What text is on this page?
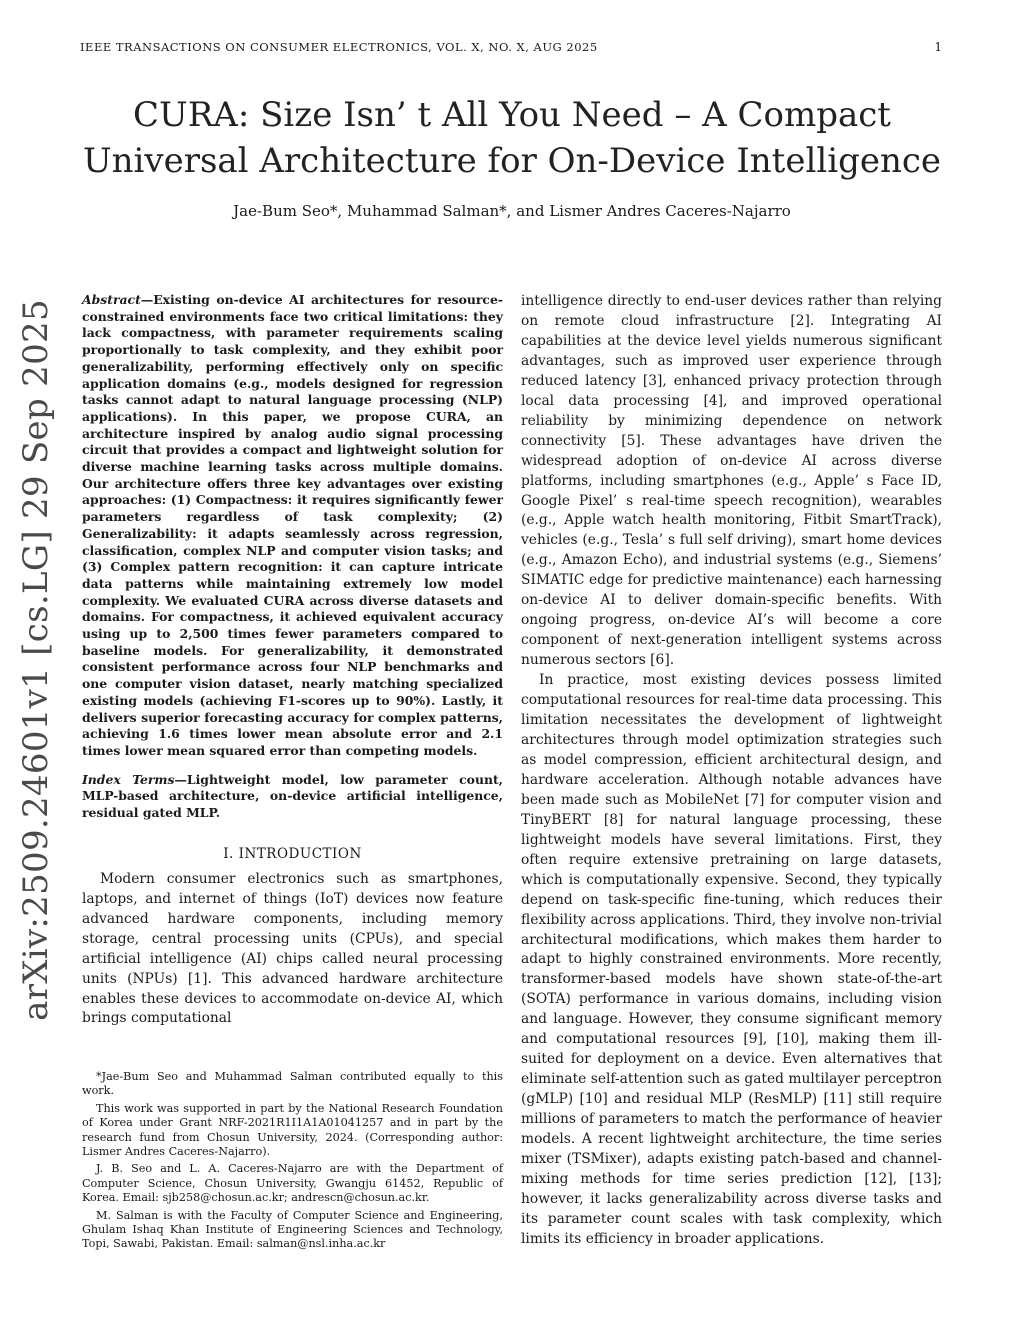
IEEE TRANSACTIONS ON CONSUMER ELECTRONICS, VOL. X, NO. X, AUG 2025	1
arXiv:2509.24601v1 [cs.LG] 29 Sep 2025
CURA: Size Isn’ t All You Need – A Compact
Universal Architecture for On-Device Intelligence
Jae-Bum Seo*, Muhammad Salman*, and Lismer Andres Caceres-Najarro

Abstract—Existing on-device AI architectures for resource-constrained environments face two critical limitations: they lack compactness, with parameter requirements scaling proportionally to task complexity, and they exhibit poor generalizability, performing effectively only on specific application domains (e.g., models designed for regression tasks cannot adapt to natural language processing (NLP) applications). In this paper, we propose CURA, an architecture inspired by analog audio signal processing circuit that provides a compact and lightweight solution for diverse machine learning tasks across multiple domains. Our architecture offers three key advantages over existing approaches: (1) Compactness: it requires significantly fewer parameters regardless of task complexity; (2) Generalizability: it adapts seamlessly across regression, classification, complex NLP and computer vision tasks; and (3) Complex pattern recognition: it can capture intricate data patterns while maintaining extremely low model complexity. We evaluated CURA across diverse datasets and domains. For compactness, it achieved equivalent accuracy using up to 2,500 times fewer parameters compared to baseline models. For generalizability, it demonstrated consistent performance across four NLP benchmarks and one computer vision dataset, nearly matching specialized existing models (achieving F1-scores up to 90%). Lastly, it delivers superior forecasting accuracy for complex patterns, achieving 1.6 times lower mean absolute error and 2.1 times lower mean squared error than competing models.

Index Terms—Lightweight model, low parameter count, MLP-based architecture, on-device artificial intelligence, residual gated MLP.

I. INTRODUCTION

Modern consumer electronics such as smartphones, laptops, and internet of things (IoT) devices now feature advanced hardware components, including memory storage, central processing units (CPUs), and special artificial intelligence (AI) chips called neural processing units (NPUs) [1]. This advanced hardware architecture enables these devices to accommodate on-device AI, which brings computational

*Jae-Bum Seo and Muhammad Salman contributed equally to this work.

This work was supported in part by the National Research Foundation of Korea under Grant NRF-2021R1I1A1A01041257 and in part by the research fund from Chosun University, 2024. (Corresponding author: Lismer Andres Caceres-Najarro).

J. B. Seo and L. A. Caceres-Najarro are with the Department of Computer Science, Chosun University, Gwangju 61452, Republic of Korea. Email: sjb258@chosun.ac.kr; andrescn@chosun.ac.kr.

M. Salman is with the Faculty of Computer Science and Engineering, Ghulam Ishaq Khan Institute of Engineering Sciences and Technology, Topi, Sawabi, Pakistan. Email: salman@nsl.inha.ac.kr

intelligence directly to end-user devices rather than relying on remote cloud infrastructure [2]. Integrating AI capabilities at the device level yields numerous significant advantages, such as improved user experience through reduced latency [3], enhanced privacy protection through local data processing [4], and improved operational reliability by minimizing dependence on network connectivity [5]. These advantages have driven the widespread adoption of on-device AI across diverse platforms, including smartphones (e.g., Apple’ s Face ID, Google Pixel’ s real-time speech recognition), wearables (e.g., Apple watch health monitoring, Fitbit SmartTrack), vehicles (e.g., Tesla’ s full self driving), smart home devices (e.g., Amazon Echo), and industrial systems (e.g., Siemens’ SIMATIC edge for predictive maintenance) each harnessing on-device AI to deliver domain-specific benefits. With ongoing progress, on-device AI’s will become a core component of next-generation intelligent systems across numerous sectors [6].

In practice, most existing devices possess limited computational resources for real-time data processing. This limitation necessitates the development of lightweight architectures through model optimization strategies such as model compression, efficient architectural design, and hardware acceleration. Although notable advances have been made such as MobileNet [7] for computer vision and TinyBERT [8] for natural language processing, these lightweight models have several limitations. First, they often require extensive pretraining on large datasets, which is computationally expensive. Second, they typically depend on task-specific fine-tuning, which reduces their flexibility across applications. Third, they involve non-trivial architectural modifications, which makes them harder to adapt to highly constrained environments. More recently, transformer-based models have shown state-of-the-art (SOTA) performance in various domains, including vision and language. However, they consume significant memory and computational resources [9], [10], making them ill-suited for deployment on a device. Even alternatives that eliminate self-attention such as gated multilayer perceptron (gMLP) [10] and residual MLP (ResMLP) [11] still require millions of parameters to match the performance of heavier models. A recent lightweight architecture, the time series mixer (TSMixer), adapts existing patch-based and channel-mixing methods for time series prediction [12], [13]; however, it lacks generalizability across diverse tasks and its parameter count scales with task complexity, which limits its efficiency in broader applications.
